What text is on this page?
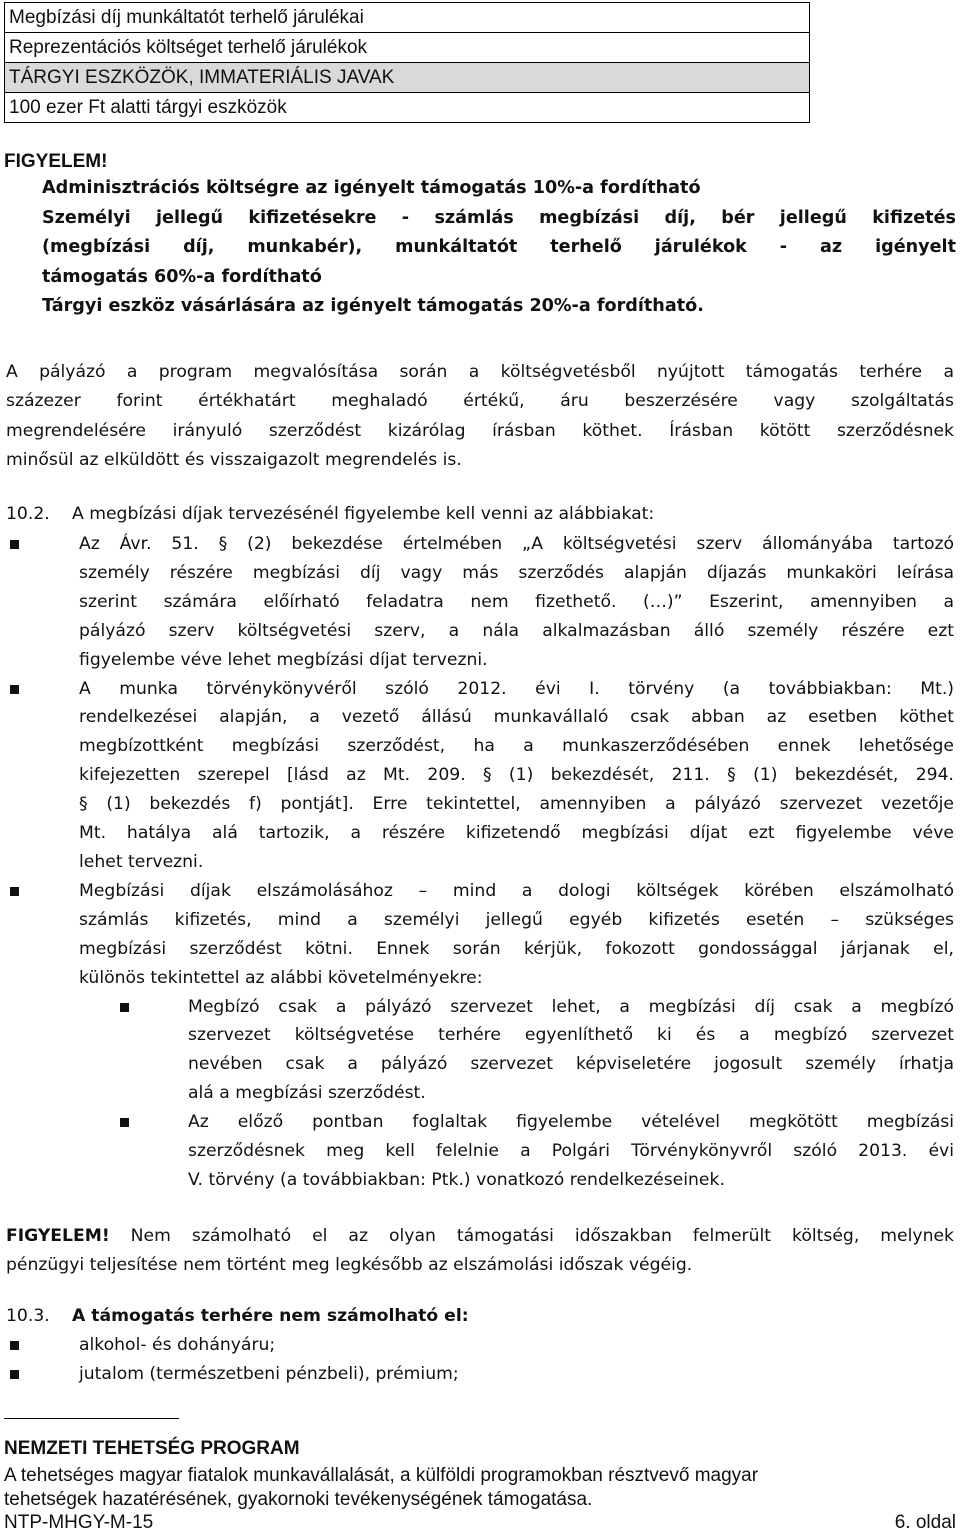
Megbízási díj munkáltatót terhelő járulékai
Reprezentációs költséget terhelő járulékok
TÁRGYI ESZKÖZÖK, IMMATERIÁLIS JAVAK
100 ezer Ft alatti tárgyi eszközök
FIGYELEM!
Adminisztrációs költségre az igényelt támogatás 10%-a fordítható
Személyi jellegű kifizetésekre - számlás megbízási díj, bér jellegű kifizetés
(megbízási díj, munkabér), munkáltatót terhelő járulékok - az igényelt
támogatás 60%-a fordítható
Tárgyi eszköz vásárlására az igényelt támogatás 20%-a fordítható.
A pályázó a program megvalósítása során a költségvetésből nyújtott támogatás terhére a
százezer forint értékhatárt meghaladó értékű, áru beszerzésére vagy szolgáltatás
megrendelésére irányuló szerződést kizárólag írásban köthet. Írásban kötött szerződésnek
minősül az elküldött és visszaigazolt megrendelés is.
10.2. A megbízási díjak tervezésénél figyelembe kell venni az alábbiakat:
Az Ávr. 51. § (2) bekezdése értelmében „A költségvetési szerv állományába tartozó
személy részére megbízási díj vagy más szerződés alapján díjazás munkaköri leírása
szerint számára előírható feladatra nem fizethető. (…)” Eszerint, amennyiben a
pályázó szerv költségvetési szerv, a nála alkalmazásban álló személy részére ezt
figyelembe véve lehet megbízási díjat tervezni.
A munka törvénykönyvéről szóló 2012. évi I. törvény (a továbbiakban: Mt.)
rendelkezései alapján, a vezető állású munkavállaló csak abban az esetben köthet
megbízottként megbízási szerződést, ha a munkaszerződésében ennek lehetősége
kifejezetten szerepel [lásd az Mt. 209. § (1) bekezdését, 211. § (1) bekezdését, 294.
§ (1) bekezdés f) pontját]. Erre tekintettel, amennyiben a pályázó szervezet vezetője
Mt. hatálya alá tartozik, a részére kifizetendő megbízási díjat ezt figyelembe véve
lehet tervezni.
Megbízási díjak elszámolásához – mind a dologi költségek körében elszámolható
számlás kifizetés, mind a személyi jellegű egyéb kifizetés esetén – szükséges
megbízási szerződést kötni. Ennek során kérjük, fokozott gondossággal járjanak el,
különös tekintettel az alábbi követelményekre:
Megbízó csak a pályázó szervezet lehet, a megbízási díj csak a megbízó
szervezet költségvetése terhére egyenlíthető ki és a megbízó szervezet
nevében csak a pályázó szervezet képviseletére jogosult személy írhatja
alá a megbízási szerződést.
Az előző pontban foglaltak figyelembe vételével megkötött megbízási
szerződésnek meg kell felelnie a Polgári Törvénykönyvről szóló 2013. évi
V. törvény (a továbbiakban: Ptk.) vonatkozó rendelkezéseinek.
FIGYELEM! Nem számolható el az olyan támogatási időszakban felmerült költség, melynek
pénzügyi teljesítése nem történt meg legkésőbb az elszámolási időszak végéig.
10.3. A támogatás terhére nem számolható el:
alkohol- és dohányáru;
jutalom (természetbeni pénzbeli), prémium;
NEMZETI TEHETSÉG PROGRAM
A tehetséges magyar fiatalok munkavállalását, a külföldi programokban résztvevő magyar
tehetségek hazatérésének, gyakornoki tevékenységének támogatása.
NTP-MHGY-M-15	6. oldal
